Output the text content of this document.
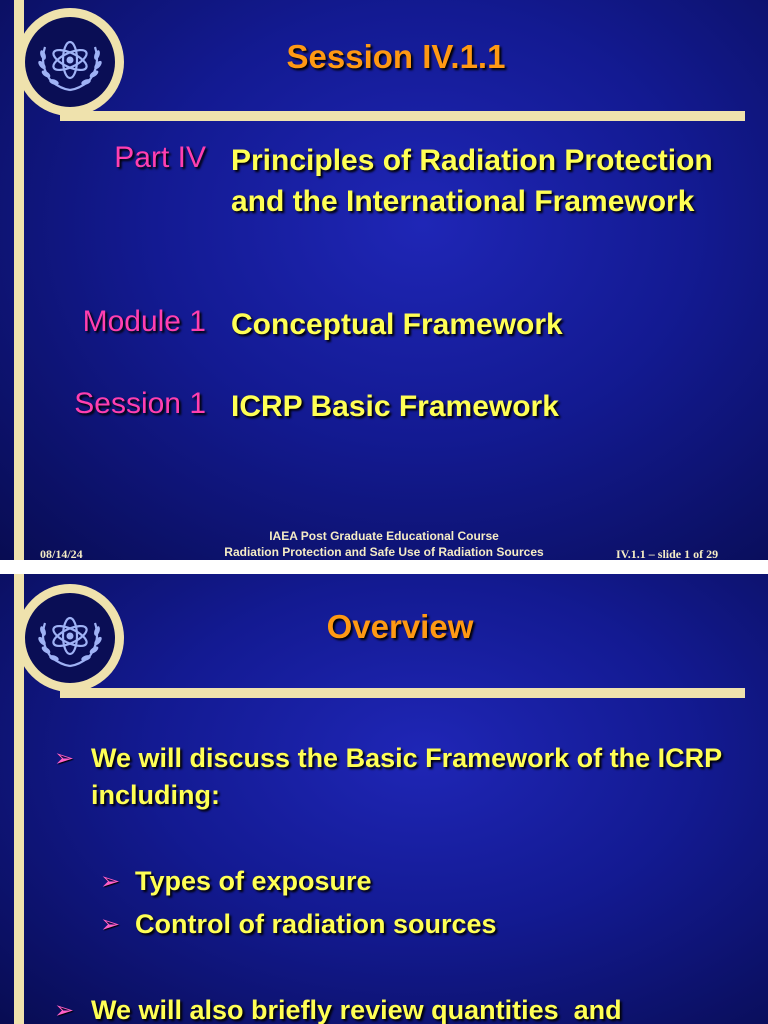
Session IV.1.1
Part IV Principles of Radiation Protection and the International Framework
Module 1 Conceptual Framework
Session 1 ICRP Basic Framework
08/14/24
IAEA Post Graduate Educational Course
Radiation Protection and Safe Use of Radiation Sources	IV.1.1 – slide 1 of 29
Overview
➢ We will discuss the Basic Framework of the ICRP including:
➢ Types of exposure
➢ Control of radiation sources
➢ We will also briefly review quantities  and
